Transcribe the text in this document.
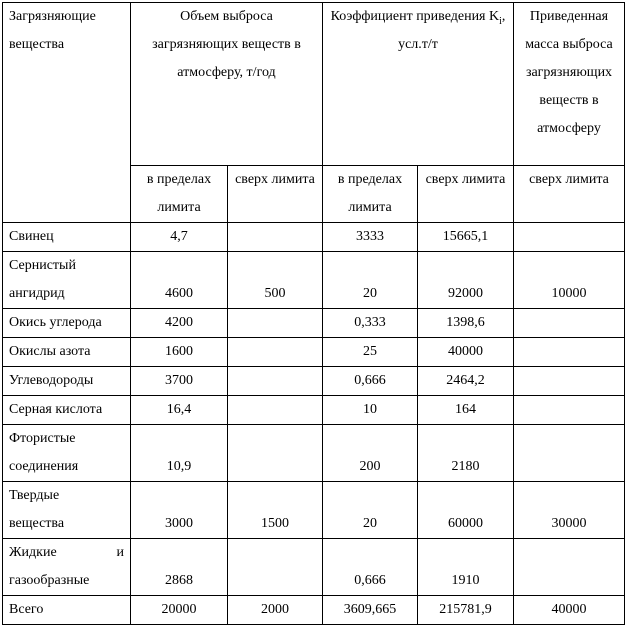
Загрязняющие вещества	Объем выброса загрязняющих веществ в атмосферу, т/год		Коэффициент приведения $K_i$, усл.т/т		Приведенная масса выброса загрязняющих веществ в атмосферу
	в пределах лимита	сверх лимита	в пределах лимита	сверх лимита	сверх лимита
Свинец	4,7		3333	15665,1	

Сернистый
ангидрид	4600	500	20	92000	10000
Окись углерода	4200		0,333	1398,6	
Окислы азота	1600		25	40000	
Углеводороды	3700		0,666	2464,2	
Серная кислота	16,4		10	164	

Фтористые
соединения	10,9		200	2180	

Твердые
вещества	3000	1500	20	60000	30000

Жидкие и
газообразные	2868		0,666	1910	
Всего	20000	2000	3609,665	215781,9	40000
